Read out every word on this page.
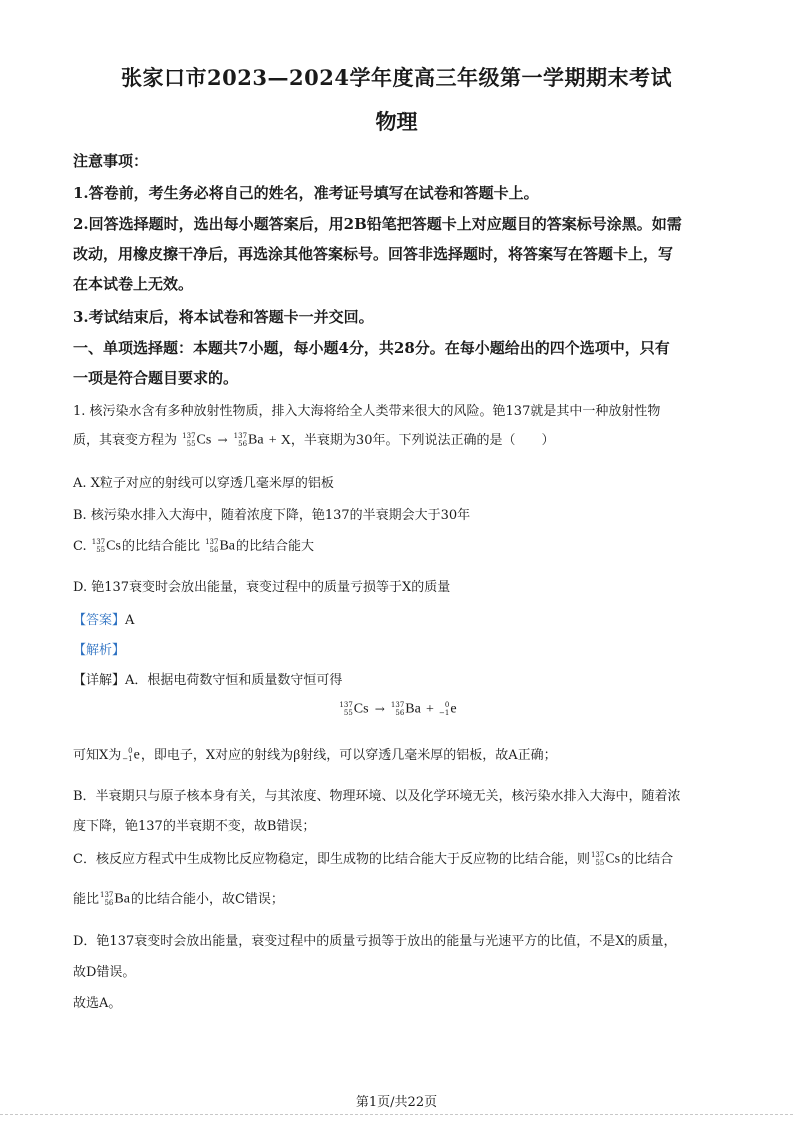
张家口市2023—2024学年度高三年级第一学期期末考试
物理
注意事项：
1.答卷前，考生务必将自己的姓名，准考证号填写在试卷和答题卡上。
2.回答选择题时，选出每小题答案后，用2B铅笔把答题卡上对应题目的答案标号涂黑。如需
改动，用橡皮擦干净后，再选涂其他答案标号。回答非选择题时，将答案写在答题卡上，写
在本试卷上无效。
3.考试结束后，将本试卷和答题卡一并交回。
一、单项选择题：本题共7小题，每小题4分，共28分。在每小题给出的四个选项中，只有
一项是符合题目要求的。
1. 核污染水含有多种放射性物质，排入大海将给全人类带来很大的风险。铯137就是其中一种放射性物
质，其衰变方程为 137
55 Cs → 137
56 Ba + X，半衰期为30年。下列说法正确的是（　　）
A. X粒子对应的射线可以穿透几毫米厚的铝板
B. 核污染水排入大海中，随着浓度下降，铯137的半衰期会大于30年
C. 137
55 Cs的比结合能比 137
56 Ba的比结合能大
D. 铯137衰变时会放出能量，衰变过程中的质量亏损等于X的质量
【答案】A
【解析】
【详解】A．根据电荷数守恒和质量数守恒可得
137
55 Cs → 137
56 Ba +	0
−1 e
可知X为 0
−1 e，即电子，X对应的射线为β射线，可以穿透几毫米厚的铝板，故A正确；
B．半衰期只与原子核本身有关，与其浓度、物理环境、以及化学环境无关，核污染水排入大海中，随着浓
度下降，铯137的半衰期不变，故B错误；
C．核反应方程式中生成物比反应物稳定，即生成物的比结合能大于反应物的比结合能，则 137
55 Cs的比结合
能比 137
56 Ba的比结合能小，故C错误；
D．铯137衰变时会放出能量，衰变过程中的质量亏损等于放出的能量与光速平方的比值，不是X的质量，
故D错误。
故选A。
第1页/共22页
